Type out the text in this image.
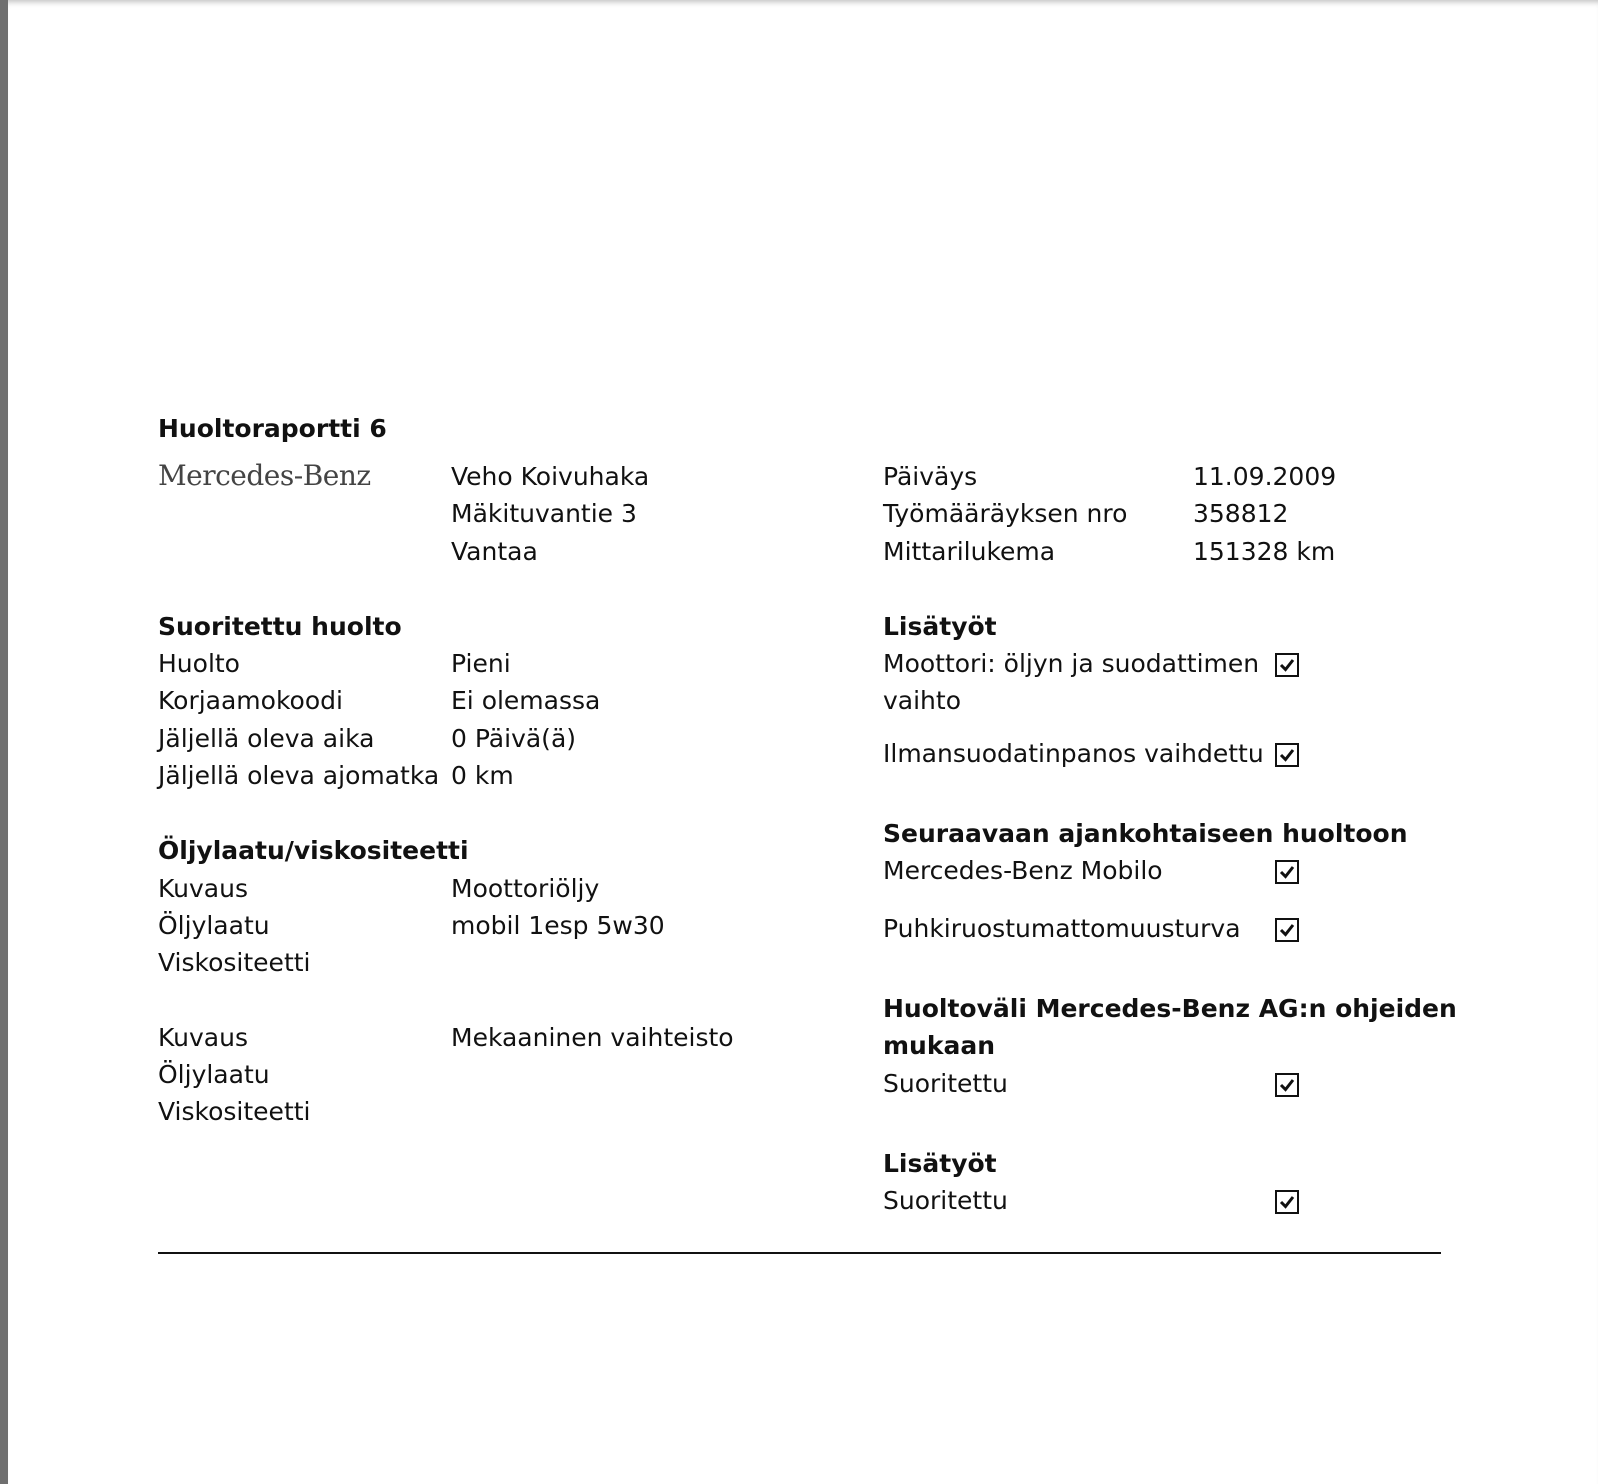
Huoltoraportti 6
Mercedes-Benz	Veho Koivuhaka
Mäkituvantie 3
Vantaa
Päiväys	11.09.2009
Työmääräyksen nro	358812
Mittarilukema	151328 km
Suoritettu huolto
Huolto	Pieni
Korjaamokoodi	Ei olemassa
Jäljellä oleva aika	0 Päivä(ä)
Jäljellä oleva ajomatka 0 km
Öljylaatu/viskositeetti
Kuvaus	Moottoriöljy
Öljylaatu	mobil 1esp 5w30
Viskositeetti
Kuvaus	Mekaaninen vaihteisto
Öljylaatu
Viskositeetti
Lisätyöt
Moottori: öljyn ja suodattimen
vaihto
Ilmansuodatinpanos vaihdettu
Seuraavaan ajankohtaiseen huoltoon
Mercedes-Benz Mobilo
Puhkiruostumattomuusturva
Huoltoväli Mercedes-Benz AG:n ohjeiden
mukaan
Suoritettu
Lisätyöt
Suoritettu
